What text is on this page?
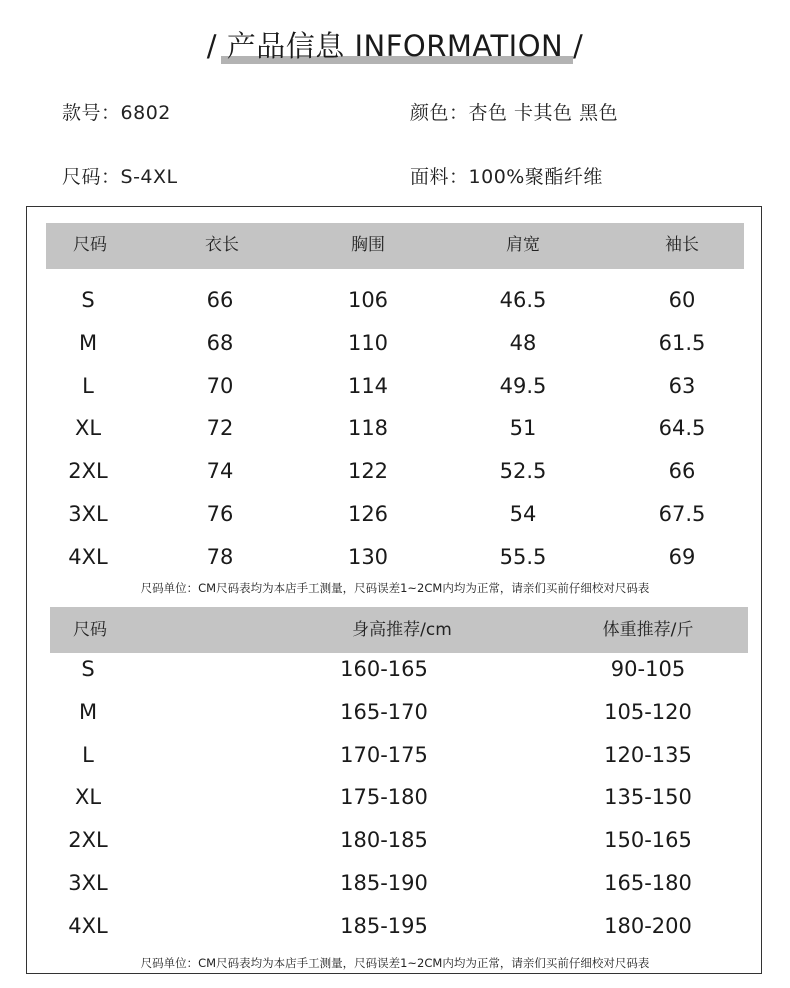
/ 产品信息 INFORMATION /
款号：6802	颜色：杏色 卡其色 黑色
尺码：S-4XL	面料：100%聚酯纤维
尺码	衣长	胸围	肩宽	袖长
S	66	106	46.5	60
M	68	110	48	61.5
L	70	114	49.5	63
XL	72	118	51	64.5
2XL	74	122	52.5	66
3XL	76	126	54	67.5
4XL	78	130	55.5	69
尺码单位：CM尺码表均为本店手工测量，尺码误差1~2CM内均为正常，请亲们买前仔细校对尺码表
尺码	身高推荐/cm	体重推荐/斤
S	160-165	90-105
M	165-170	105-120
L	170-175	120-135
XL	175-180	135-150
2XL	180-185	150-165
3XL	185-190	165-180
4XL	185-195	180-200
尺码单位：CM尺码表均为本店手工测量，尺码误差1~2CM内均为正常，请亲们买前仔细校对尺码表
